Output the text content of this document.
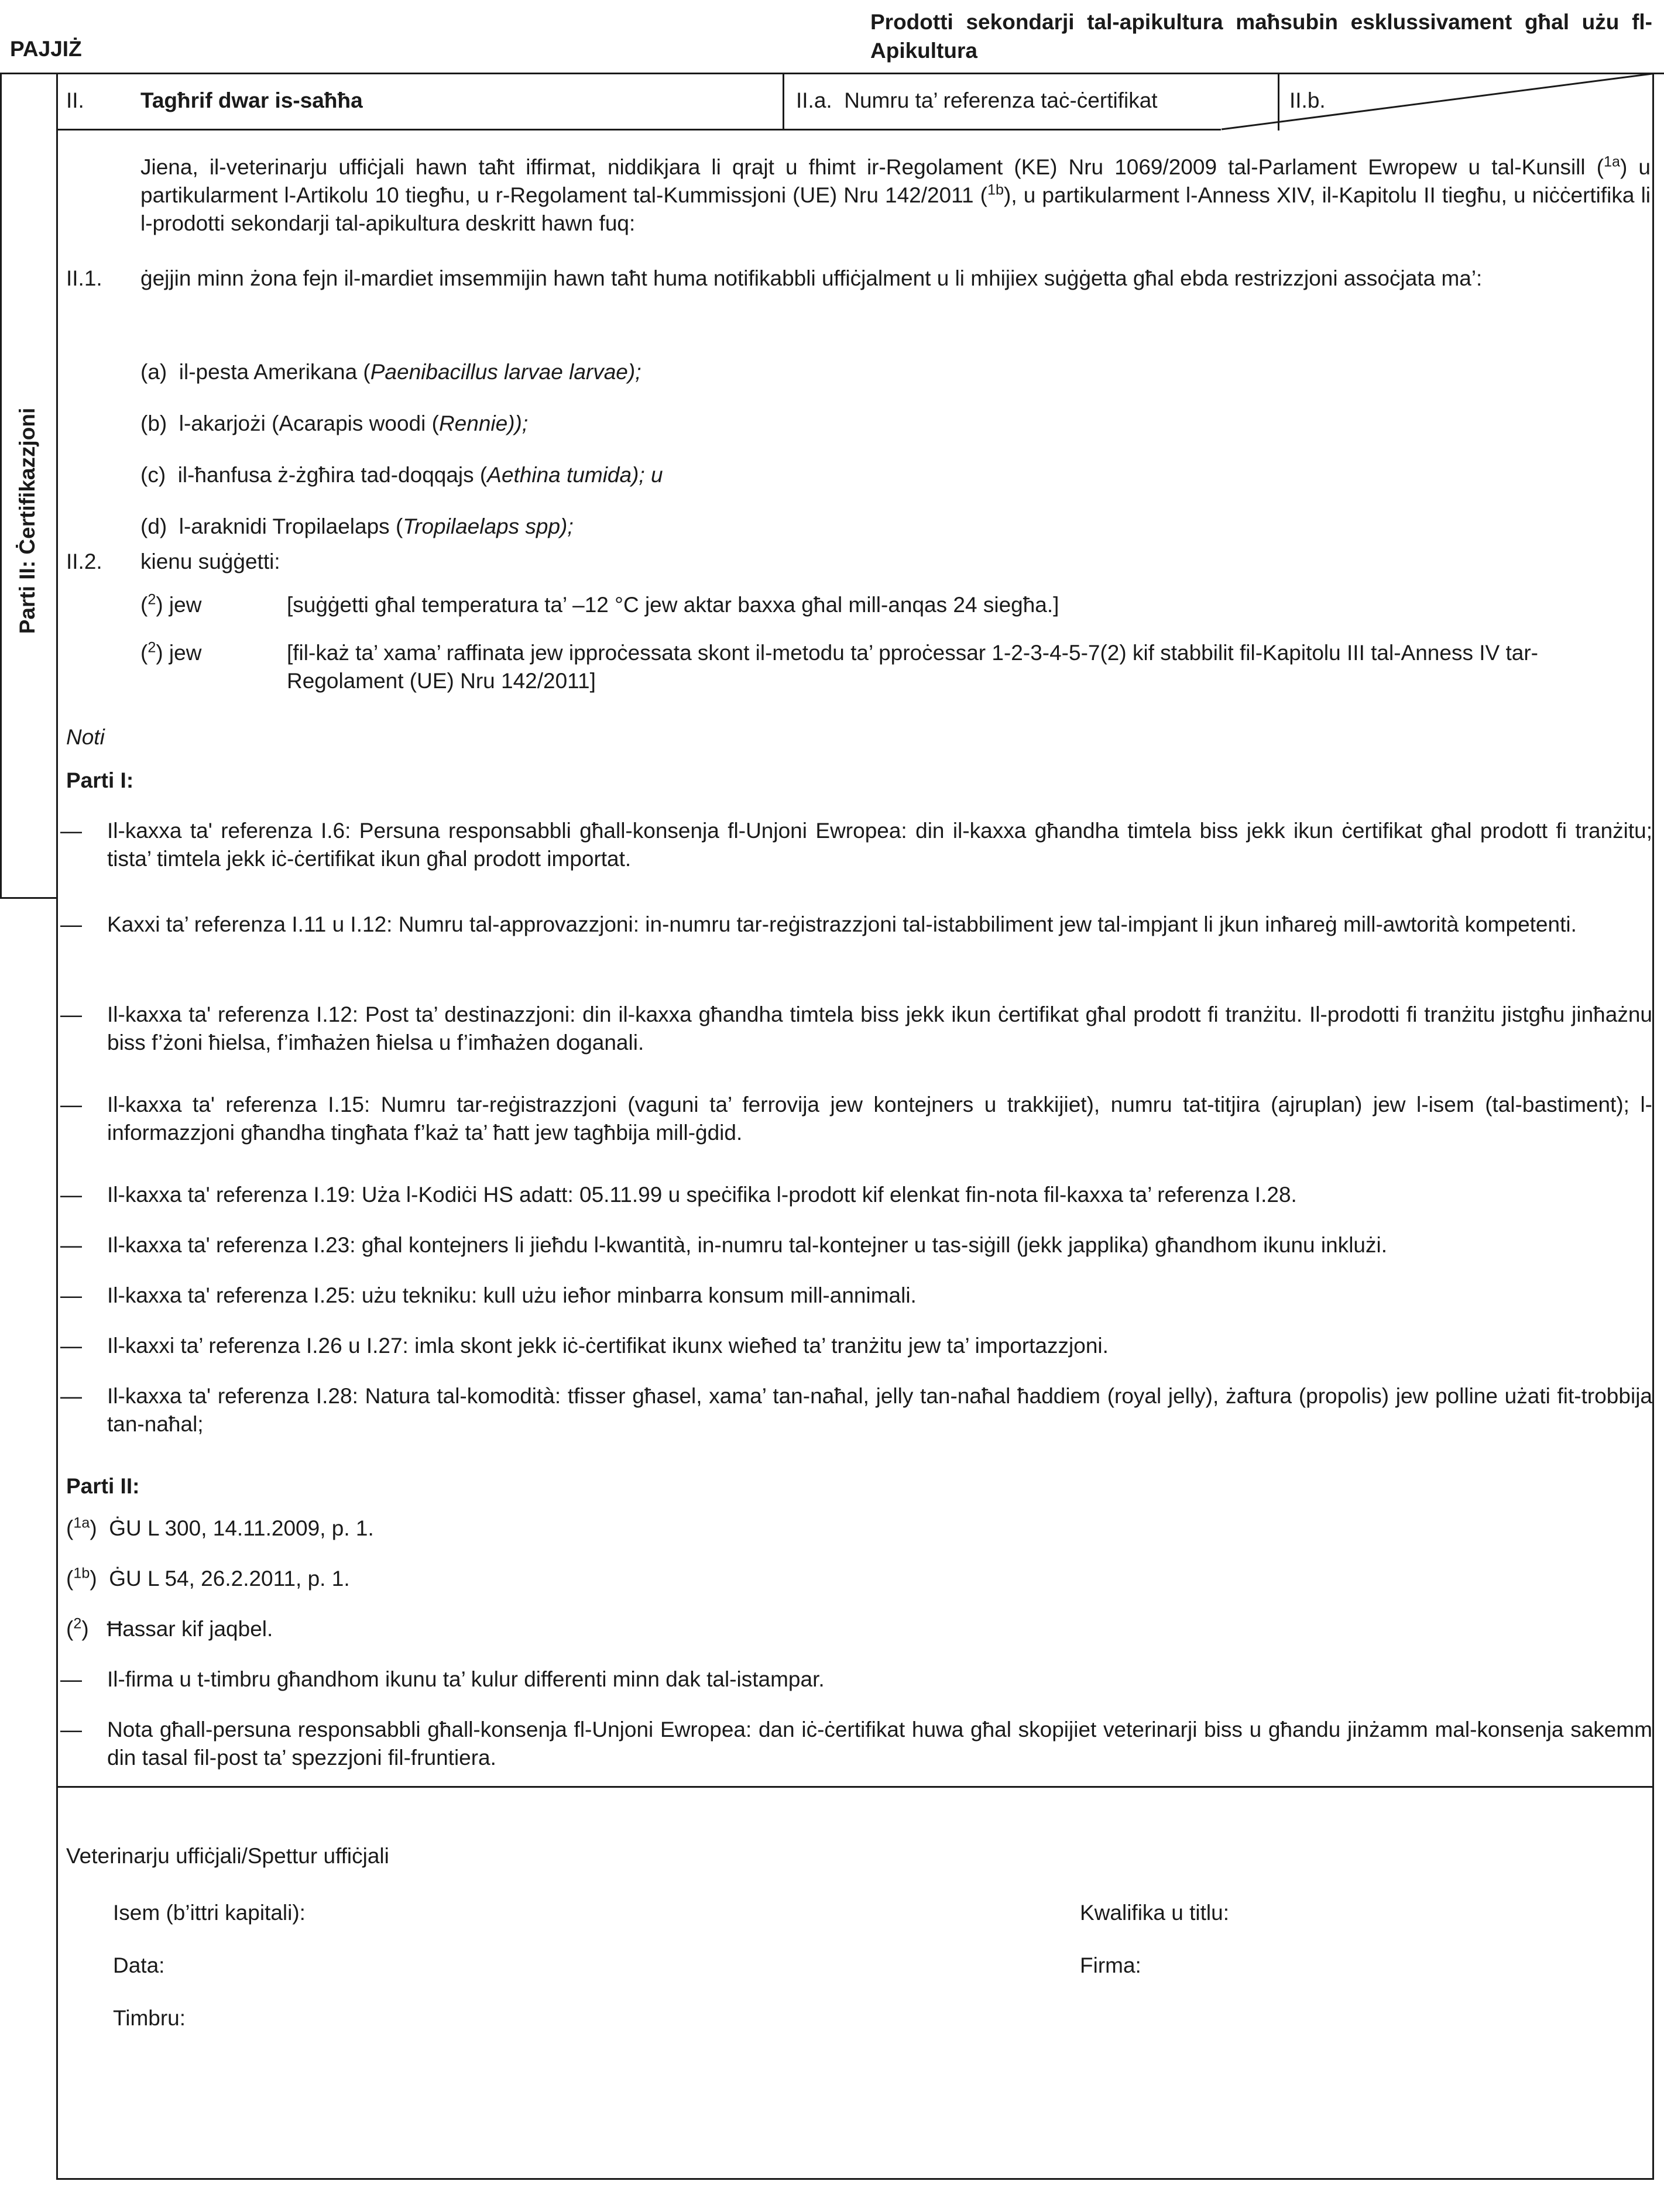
PAJJIŻ
Prodotti sekondarji tal-apikultura maħsubin esklussivament għal użu fl-Apikultura
Parti II: Ċertifikazzjoni
II.	Tagħrif dwar is-saħħa	II.a.  Numru ta’ referenza taċ-ċertifikat	II.b.
Jiena, il-veterinarju uffiċjali hawn taħt iffirmat, niddikjara li qrajt u fhimt ir-Regolament (KE) Nru 1069/2009 tal-Parlament Ewropew u tal-Kunsill ($^{1a}$) u partikularment l-Artikolu 10 tiegħu, u r-Regolament tal-Kummissjoni (UE) Nru 142/2011 ($^{1b}$), u partikularment l-Anness XIV, il-Kapitolu II tiegħu, u niċċertifika li l-prodotti sekondarji tal-apikultura deskritt hawn fuq:
II.1. ġejjin minn żona fejn il-mardiet imsemmijin hawn taħt huma notifikabbli uffiċjalment u li mhijiex suġġetta għal ebda restrizzjoni assoċjata ma’:
(a)  il-pesta Amerikana (Paenibacillus larvae larvae);
(b)  l-akarjożi (Acarapis woodi (Rennie));
(c)  il-ħanfusa ż-żgħira tad-doqqajs (Aethina tumida); u
(d)  l-araknidi Tropilaelaps (Tropilaelaps spp);
II.2. kienu suġġetti:
($^2$) jew	[suġġetti għal temperatura ta’ –12 °C jew aktar baxxa għal mill-anqas 24 siegħa.]
($^2$) jew	[fil-każ ta’ xama’ raffinata jew ipproċessata skont il-metodu ta’ pproċessar 1-2-3-4-5-7(2) kif stabbilit fil-Kapitolu III tal-Anness IV tar-Regolament (UE) Nru 142/2011]
Noti
Parti I:
— Il-kaxxa ta' referenza I.6: Persuna responsabbli għall-konsenja fl-Unjoni Ewropea: din il-kaxxa għandha timtela biss jekk ikun ċertifikat għal prodott fi tranżitu; tista’ timtela jekk iċ-ċertifikat ikun għal prodott importat.
— Kaxxi ta’ referenza I.11 u I.12: Numru tal-approvazzjoni: in-numru tar-reġistrazzjoni tal-istabbiliment jew tal-impjant li jkun inħareġ mill-awtorità kompetenti.
— Il-kaxxa ta' referenza I.12: Post ta’ destinazzjoni: din il-kaxxa għandha timtela biss jekk ikun ċertifikat għal prodott fi tranżitu. Il-prodotti fi tranżitu jistgħu jinħażnu biss f’żoni ħielsa, f’imħażen ħielsa u f’imħażen doganali.
— Il-kaxxa ta' referenza I.15: Numru tar-reġistrazzjoni (vaguni ta’ ferrovija jew kontejners u trakkijiet), numru tat-titjira (ajruplan) jew l-isem (tal-bastiment); l-informazzjoni għandha tingħata f’każ ta’ ħatt jew tagħbija mill-ġdid.
— Il-kaxxa ta' referenza I.19: Uża l-Kodiċi HS adatt: 05.11.99 u speċifika l-prodott kif elenkat fin-nota fil-kaxxa ta’ referenza I.28.
— Il-kaxxa ta' referenza I.23: għal kontejners li jieħdu l-kwantità, in-numru tal-kontejner u tas-siġill (jekk japplika) għandhom ikunu inklużi.
— Il-kaxxa ta' referenza I.25: użu tekniku: kull użu ieħor minbarra konsum mill-annimali.
— Il-kaxxi ta’ referenza I.26 u I.27: imla skont jekk iċ-ċertifikat ikunx wieħed ta’ tranżitu jew ta’ importazzjoni.
— Il-kaxxa ta' referenza I.28: Natura tal-komodità: tfisser għasel, xama’ tan-naħal, jelly tan-naħal ħaddiem (royal jelly), żaftura (propolis) jew polline użati fit-trobbija tan-naħal;
Parti II:
($^{1a}$)  ĠU L 300, 14.11.2009, p. 1.
($^{1b}$)  ĠU L 54, 26.2.2011, p. 1.
($^2$)   Ħassar kif jaqbel.
— Il-firma u t-timbru għandhom ikunu ta’ kulur differenti minn dak tal-istampar.
— Nota għall-persuna responsabbli għall-konsenja fl-Unjoni Ewropea: dan iċ-ċertifikat huwa għal skopijiet veterinarji biss u għandu jinżamm mal-konsenja sakemm din tasal fil-post ta’ spezzjoni fil-fruntiera.
Veterinarju uffiċjali/Spettur uffiċjali
Isem (b’ittri kapitali):	Kwalifika u titlu:
Data:	Firma:
Timbru:
